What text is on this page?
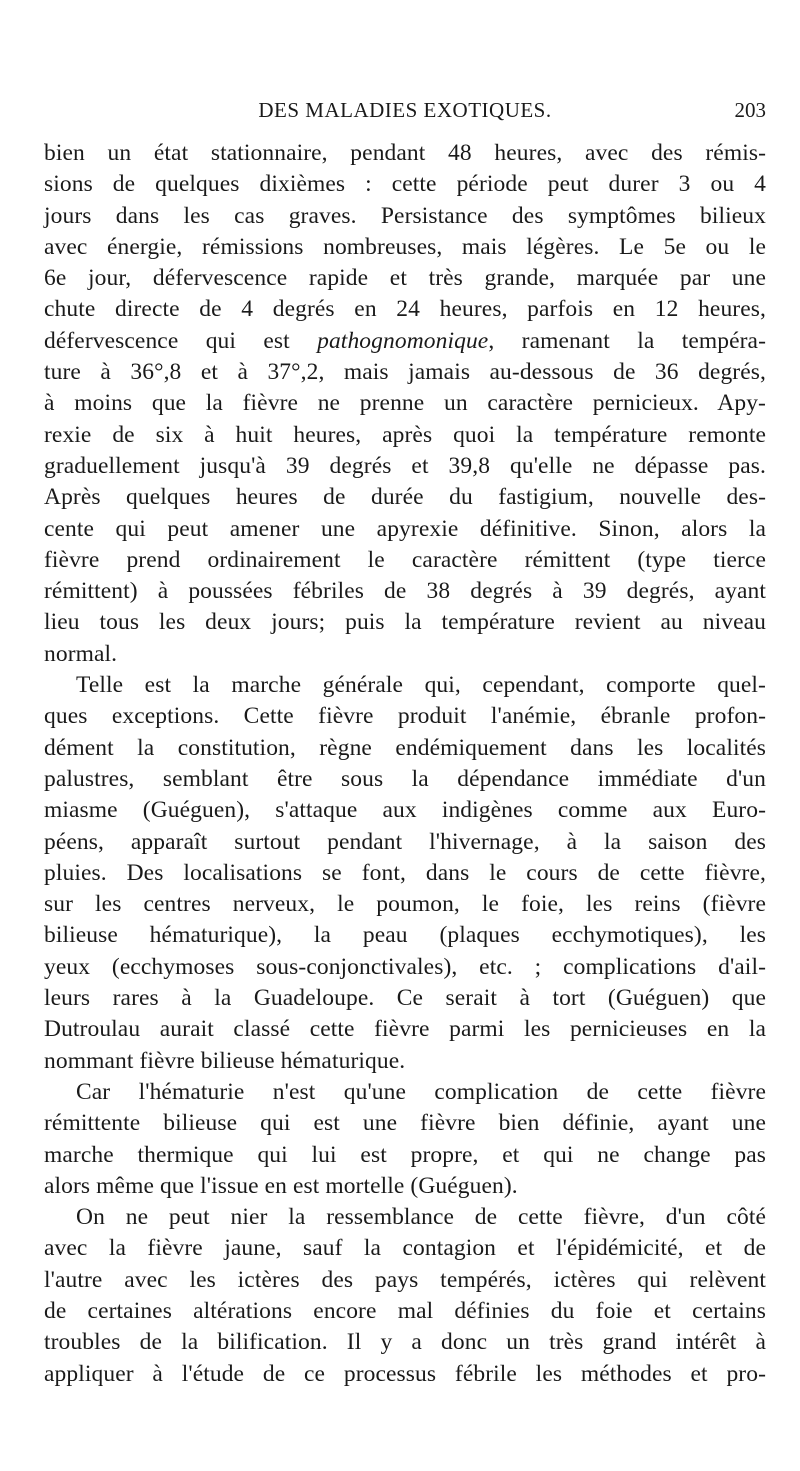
DES MALADIES EXOTIQUES.	203
bien un état stationnaire, pendant 48 heures, avec des rémis-
sions de quelques dixièmes : cette période peut durer 3 ou 4
jours dans les cas graves. Persistance des symptômes bilieux
avec énergie, rémissions nombreuses, mais légères. Le 5e ou le
6e jour, défervescence rapide et très grande, marquée par une
chute directe de 4 degrés en 24 heures, parfois en 12 heures,
défervescence qui est pathognomonique, ramenant la tempéra-
ture à 36°,8 et à 37°,2, mais jamais au-dessous de 36 degrés,
à moins que la fièvre ne prenne un caractère pernicieux. Apy-
rexie de six à huit heures, après quoi la température remonte
graduellement jusqu'à 39 degrés et 39,8 qu'elle ne dépasse pas.
Après quelques heures de durée du fastigium, nouvelle des-
cente qui peut amener une apyrexie définitive. Sinon, alors la
fièvre prend ordinairement le caractère rémittent (type tierce
rémittent) à poussées fébriles de 38 degrés à 39 degrés, ayant
lieu tous les deux jours; puis la température revient au niveau
normal.
Telle est la marche générale qui, cependant, comporte quel-
ques exceptions. Cette fièvre produit l'anémie, ébranle profon-
dément la constitution, règne endémiquement dans les localités
palustres, semblant être sous la dépendance immédiate d'un
miasme (Guéguen), s'attaque aux indigènes comme aux Euro-
péens, apparaît surtout pendant l'hivernage, à la saison des
pluies. Des localisations se font, dans le cours de cette fièvre,
sur les centres nerveux, le poumon, le foie, les reins (fièvre
bilieuse hématurique), la peau (plaques ecchymotiques), les
yeux (ecchymoses sous-conjonctivales), etc. ; complications d'ail-
leurs rares à la Guadeloupe. Ce serait à tort (Guéguen) que
Dutroulau aurait classé cette fièvre parmi les pernicieuses en la
nommant fièvre bilieuse hématurique.
Car l'hématurie n'est qu'une complication de cette fièvre
rémittente bilieuse qui est une fièvre bien définie, ayant une
marche thermique qui lui est propre, et qui ne change pas
alors même que l'issue en est mortelle (Guéguen).
On ne peut nier la ressemblance de cette fièvre, d'un côté
avec la fièvre jaune, sauf la contagion et l'épidémicité, et de
l'autre avec les ictères des pays tempérés, ictères qui relèvent
de certaines altérations encore mal définies du foie et certains
troubles de la bilification. Il y a donc un très grand intérêt à
appliquer à l'étude de ce processus fébrile les méthodes et pro-
